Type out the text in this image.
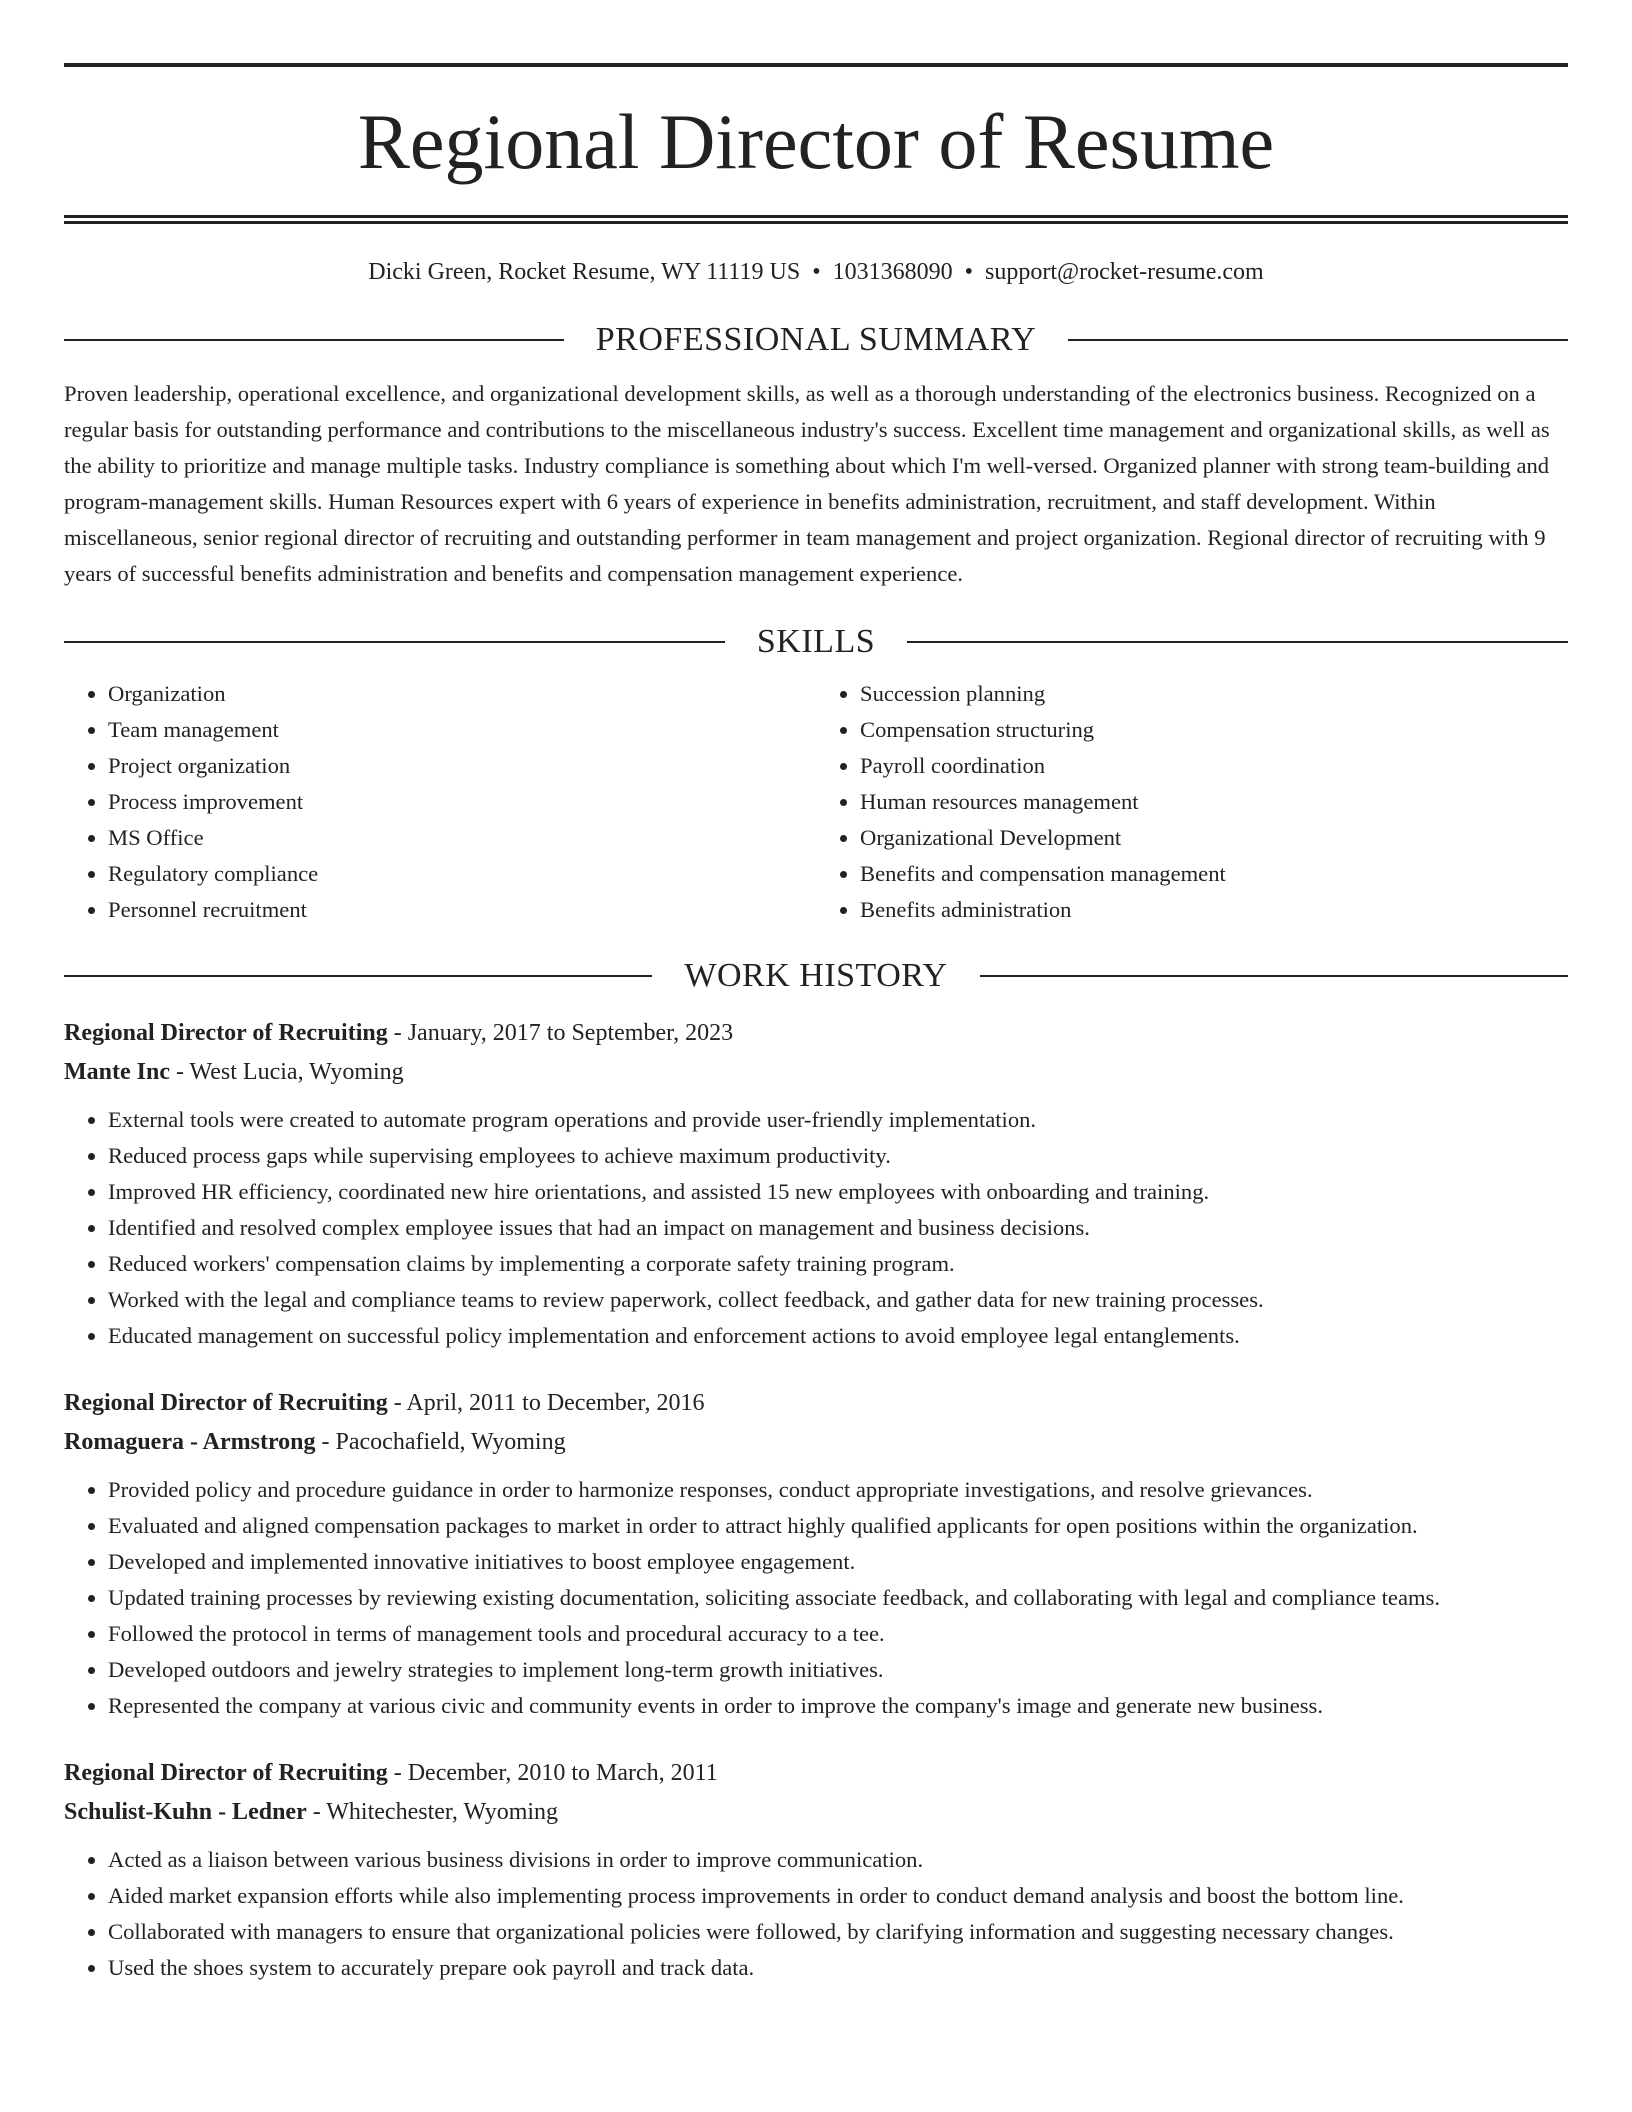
Regional Director of Resume
Dicki Green, Rocket Resume, WY 11119 US • 1031368090 • support@rocket-resume.com
PROFESSIONAL SUMMARY

Proven leadership, operational excellence, and organizational development skills, as well as a thorough understanding of the electronics business. Recognized on a regular basis for outstanding performance and contributions to the miscellaneous industry's success. Excellent time management and organizational skills, as well as the ability to prioritize and manage multiple tasks. Industry compliance is something about which I'm well-versed. Organized planner with strong team-building and program-management skills. Human Resources expert with 6 years of experience in benefits administration, recruitment, and staff development. Within miscellaneous, senior regional director of recruiting and outstanding performer in team management and project organization. Regional director of recruiting with 9 years of successful benefits administration and benefits and compensation management experience.

SKILLS
• Organization
• Team management
• Project organization
• Process improvement
• MS Office
• Regulatory compliance
• Personnel recruitment
• Succession planning
• Compensation structuring
• Payroll coordination
• Human resources management
• Organizational Development
• Benefits and compensation management
• Benefits administration
WORK HISTORY
Regional Director of Recruiting - January, 2017 to September, 2023
Mante Inc - West Lucia, Wyoming
• External tools were created to automate program operations and provide user-friendly implementation.
• Reduced process gaps while supervising employees to achieve maximum productivity.
• Improved HR efficiency, coordinated new hire orientations, and assisted 15 new employees with onboarding and training.
• Identified and resolved complex employee issues that had an impact on management and business decisions.
• Reduced workers' compensation claims by implementing a corporate safety training program.
• Worked with the legal and compliance teams to review paperwork, collect feedback, and gather data for new training processes.
• Educated management on successful policy implementation and enforcement actions to avoid employee legal entanglements.
Regional Director of Recruiting - April, 2011 to December, 2016
Romaguera - Armstrong - Pacochafield, Wyoming
• Provided policy and procedure guidance in order to harmonize responses, conduct appropriate investigations, and resolve grievances.
• Evaluated and aligned compensation packages to market in order to attract highly qualified applicants for open positions within the organization.
• Developed and implemented innovative initiatives to boost employee engagement.
• Updated training processes by reviewing existing documentation, soliciting associate feedback, and collaborating with legal and compliance teams.
• Followed the protocol in terms of management tools and procedural accuracy to a tee.
• Developed outdoors and jewelry strategies to implement long-term growth initiatives.
• Represented the company at various civic and community events in order to improve the company's image and generate new business.
Regional Director of Recruiting - December, 2010 to March, 2011
Schulist-Kuhn - Ledner - Whitechester, Wyoming
• Acted as a liaison between various business divisions in order to improve communication.
• Aided market expansion efforts while also implementing process improvements in order to conduct demand analysis and boost the bottom line.
• Collaborated with managers to ensure that organizational policies were followed, by clarifying information and suggesting necessary changes.
• Used the shoes system to accurately prepare ook payroll and track data.
